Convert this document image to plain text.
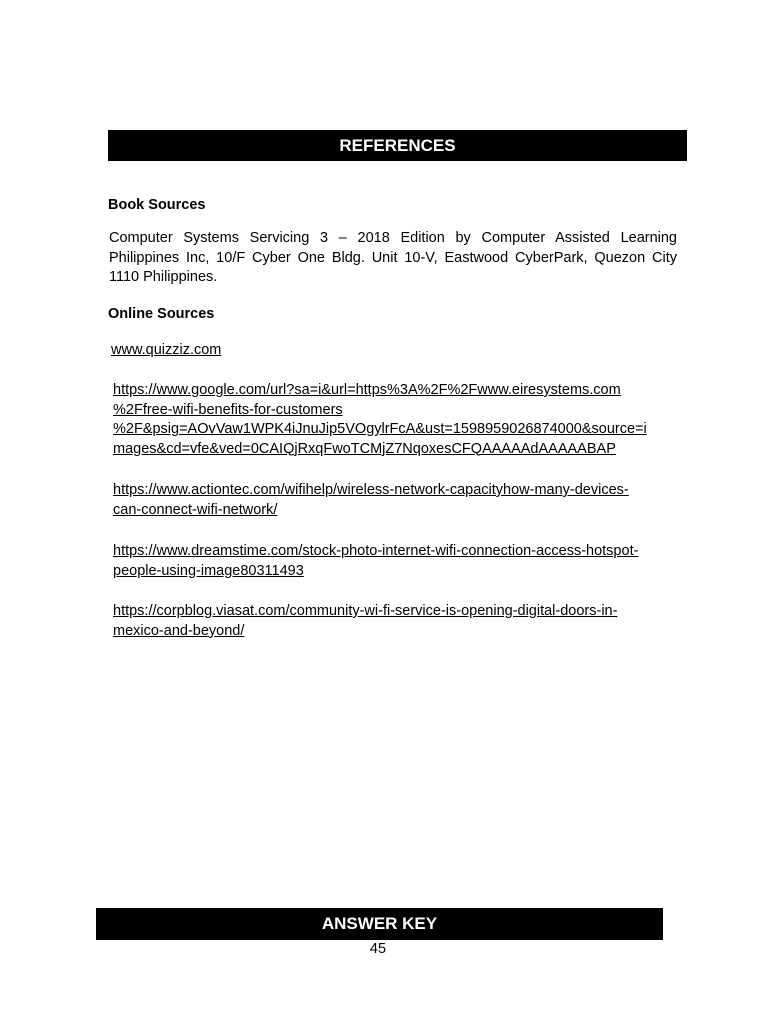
REFERENCES
Book Sources

Computer Systems Servicing 3 – 2018 Edition by Computer Assisted Learning Philippines Inc, 10/F Cyber One Bldg. Unit 10-V, Eastwood CyberPark, Quezon City 1110 Philippines.

Online Sources
www.quizziz.com
https://www.google.com/url?sa=i&url=https%3A%2F%2Fwww.eiresystems.com
%2Ffree-wifi-benefits-for-customers
%2F&psig=AOvVaw1WPK4iJnuJip5VOgylrFcA&ust=1598959026874000&source=i
mages&cd=vfe&ved=0CAIQjRxqFwoTCMjZ7NqoxesCFQAAAAAdAAAAABAP
https://www.actiontec.com/wifihelp/wireless-network-capacityhow-many-devices-
can-connect-wifi-network/
https://www.dreamstime.com/stock-photo-internet-wifi-connection-access-hotspot-
people-using-image80311493
https://corpblog.viasat.com/community-wi-fi-service-is-opening-digital-doors-in-
mexico-and-beyond/
ANSWER KEY
45
